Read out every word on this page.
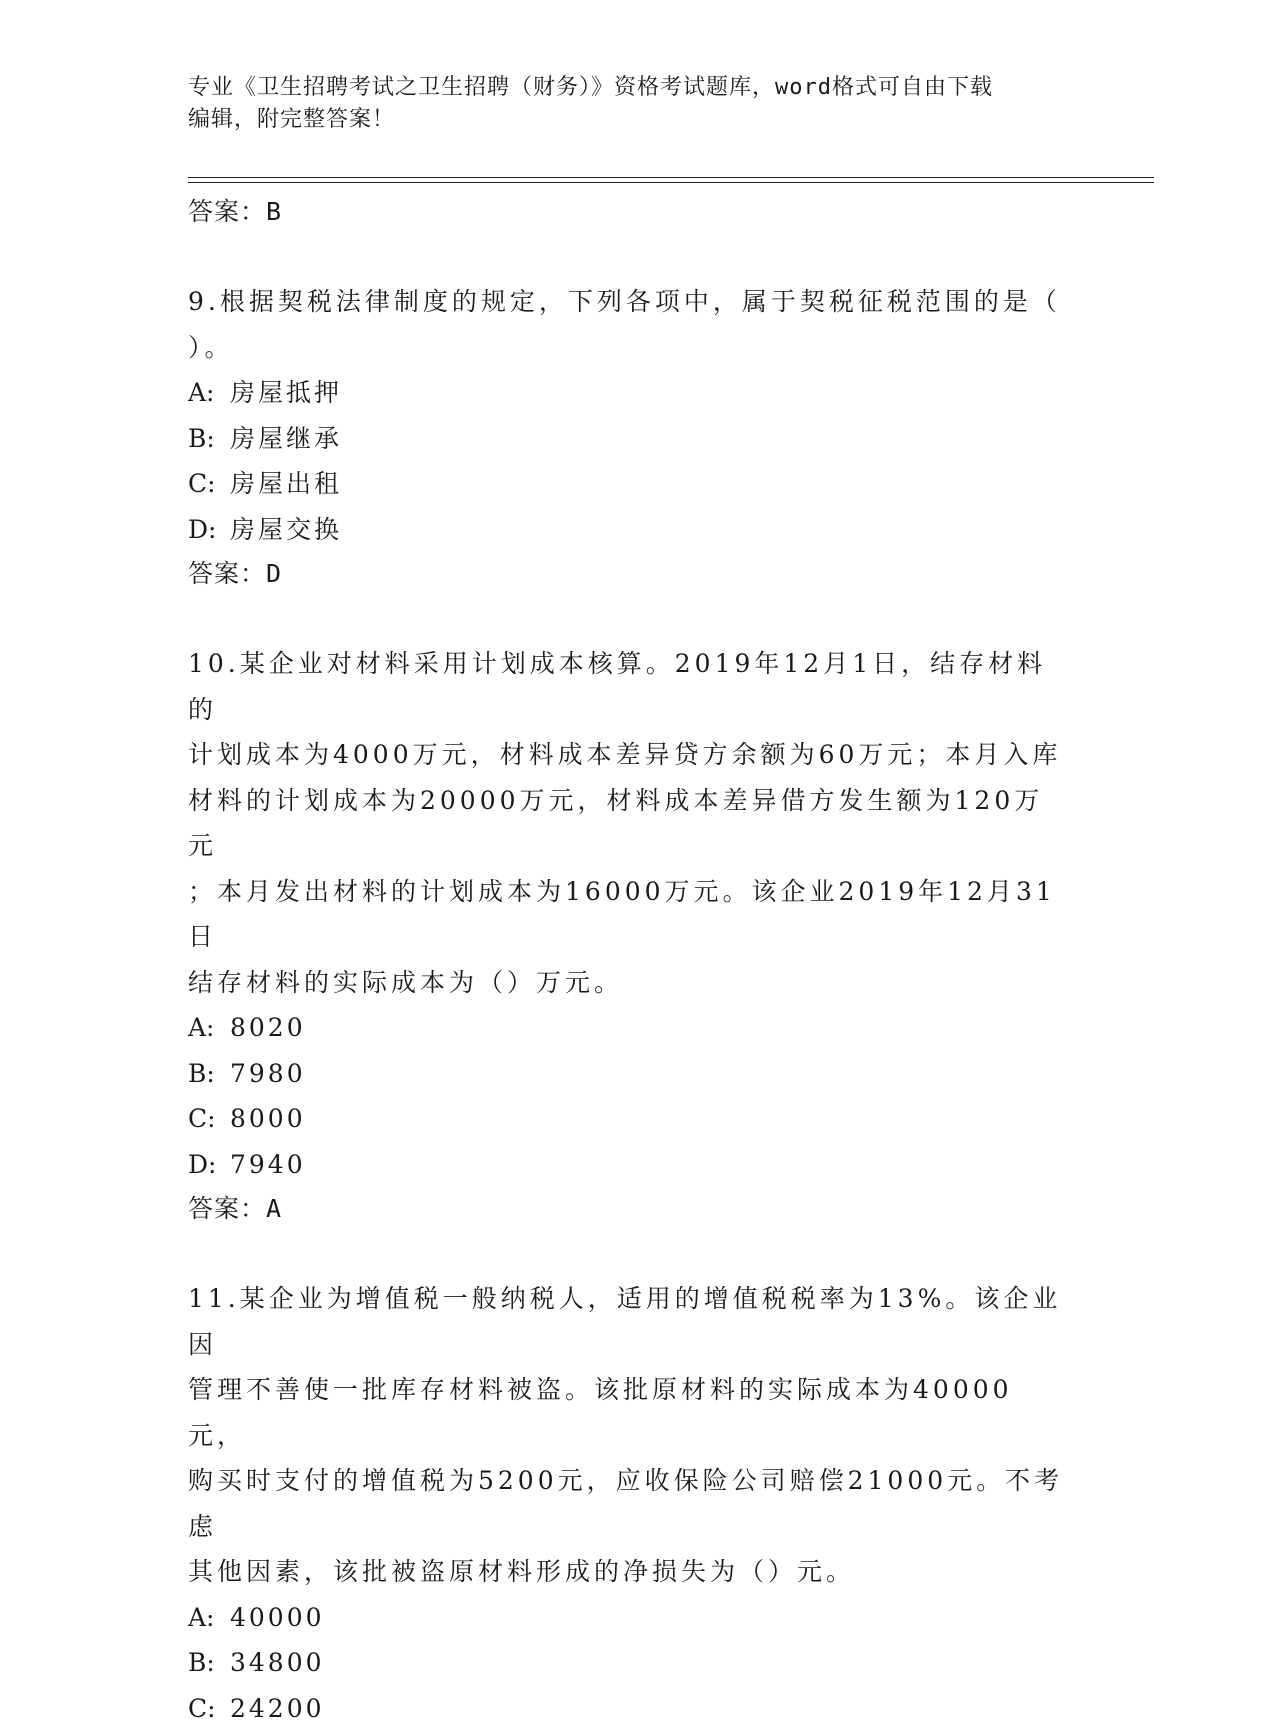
专业《卫生招聘考试之卫生招聘（财务）》资格考试题库，word格式可自由下载
编辑，附完整答案！

答案：B

9.根据契税法律制度的规定，下列各项中，属于契税征税范围的是（

）。

A: 房屋抵押
B: 房屋继承
C: 房屋出租
D: 房屋交换

答案：D

10.某企业对材料采用计划成本核算。2019年12月1日，结存材料的

计划成本为4000万元，材料成本差异贷方余额为60万元；本月入库

材料的计划成本为20000万元，材料成本差异借方发生额为120万元

；本月发出材料的计划成本为16000万元。该企业2019年12月31日

结存材料的实际成本为（）万元。

A: 8020
B: 7980
C: 8000
D: 7940

答案：A

11.某企业为增值税一般纳税人，适用的增值税税率为13%。该企业因

管理不善使一批库存材料被盗。该批原材料的实际成本为40000元，

购买时支付的增值税为5200元，应收保险公司赔偿21000元。不考虑

其他因素，该批被盗原材料形成的净损失为（）元。

A: 40000
B: 34800
C: 24200
